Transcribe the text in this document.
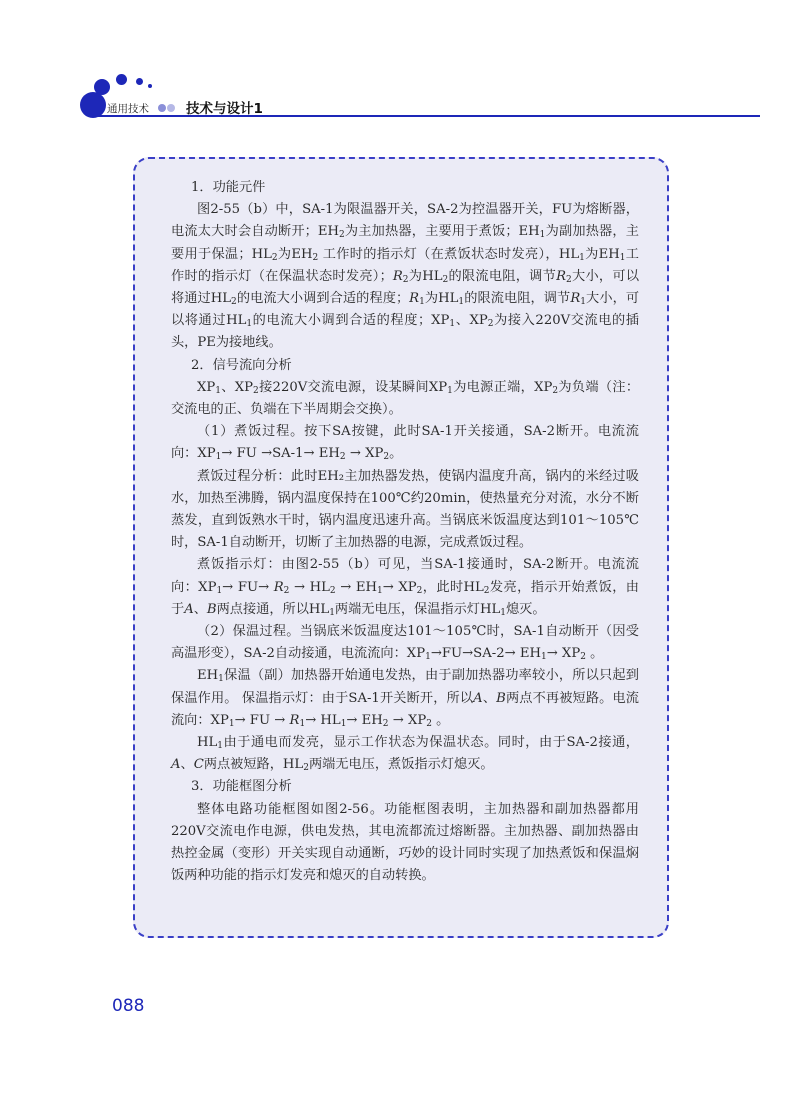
通用技术	技术与设计1

1．功能元件

图2-55（b）中，SA-1为限温器开关，SA-2为控温器开关，FU为熔断器，电流太大时会自动断开；$EH_2$为主加热器，主要用于煮饭；$EH_1$为副加热器，主要用于保温；$HL_2$为$EH_2$ 工作时的指示灯（在煮饭状态时发亮），$HL_1$为$EH_1$工作时的指示灯（在保温状态时发亮）；$R_2$为$HL_2$的限流电阻，调节$R_2$大小，可以将通过$HL_2$的电流大小调到合适的程度；$R_1$为$HL_1$的限流电阻，调节$R_1$大小，可以将通过$HL_1$的电流大小调到合适的程度；$XP_1$、$XP_2$为接入220V交流电的插头，PE为接地线。

2．信号流向分析

$XP_1$、$XP_2$接220V交流电源，设某瞬间$XP_1$为电源正端，$XP_2$为负端（注：交流电的正、负端在下半周期会交换）。

（1）煮饭过程。按下SA按键，此时SA-1开关接通，SA-2断开。电流流向：$XP_1\to$ FU $\to SA-1\to EH_2 \to XP_2$。

煮饭过程分析：此时EH₂主加热器发热，使锅内温度升高，锅内的米经过吸水，加热至沸腾，锅内温度保持在100℃约20min，使热量充分对流，水分不断蒸发，直到饭熟水干时，锅内温度迅速升高。当锅底米饭温度达到101～105℃时，SA-1自动断开，切断了主加热器的电源，完成煮饭过程。

煮饭指示灯：由图2-55（b）可见，当SA-1接通时，SA-2断开。电流流向：$XP_1\to FU\to R_2 \to HL_2 \to EH_1\to XP_2$，此时$HL_2$发亮，指示开始煮饭，由于A、B两点接通，所以$HL_1$两端无电压，保温指示灯$HL_1$熄灭。

（2）保温过程。当锅底米饭温度达101～105℃时，SA-1自动断开（因受高温形变），SA-2自动接通，电流流向：$XP_1\to FU\to SA-2\to EH_1\to XP_2$ 。

$EH_1$保温（副）加热器开始通电发热，由于副加热器功率较小，所以只起到保温作用。 保温指示灯：由于SA-1开关断开，所以A、B两点不再被短路。电流流向：$XP_1\to$ FU → $R_1\to HL_1\to EH_2 \to XP_2$ 。

$HL_1$由于通电而发亮，显示工作状态为保温状态。同时，由于SA-2接通，A、C两点被短路，$HL_2$两端无电压，煮饭指示灯熄灭。

3．功能框图分析

整体电路功能框图如图2-56。功能框图表明，主加热器和副加热器都用220V交流电作电源，供电发热，其电流都流过熔断器。主加热器、副加热器由热控金属（变形）开关实现自动通断，巧妙的设计同时实现了加热煮饭和保温焖饭两种功能的指示灯发亮和熄灭的自动转换。

088
